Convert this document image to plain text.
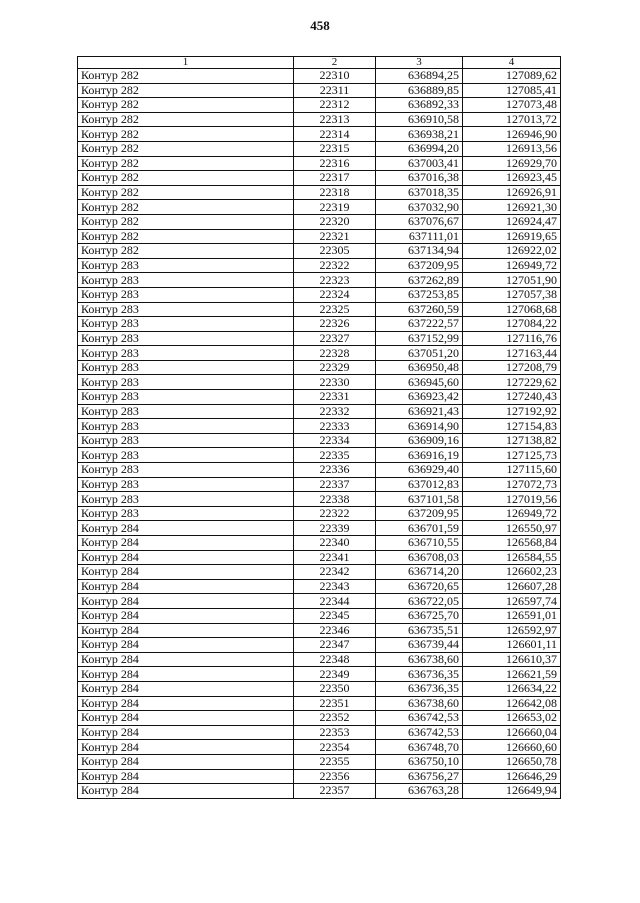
458
1	2	3	4
Контур 282	22310	636894,25	127089,62
Контур 282	22311	636889,85	127085,41
Контур 282	22312	636892,33	127073,48
Контур 282	22313	636910,58	127013,72
Контур 282	22314	636938,21	126946,90
Контур 282	22315	636994,20	126913,56
Контур 282	22316	637003,41	126929,70
Контур 282	22317	637016,38	126923,45
Контур 282	22318	637018,35	126926,91
Контур 282	22319	637032,90	126921,30
Контур 282	22320	637076,67	126924,47
Контур 282	22321	637111,01	126919,65
Контур 282	22305	637134,94	126922,02
Контур 283	22322	637209,95	126949,72
Контур 283	22323	637262,89	127051,90
Контур 283	22324	637253,85	127057,38
Контур 283	22325	637260,59	127068,68
Контур 283	22326	637222,57	127084,22
Контур 283	22327	637152,99	127116,76
Контур 283	22328	637051,20	127163,44
Контур 283	22329	636950,48	127208,79
Контур 283	22330	636945,60	127229,62
Контур 283	22331	636923,42	127240,43
Контур 283	22332	636921,43	127192,92
Контур 283	22333	636914,90	127154,83
Контур 283	22334	636909,16	127138,82
Контур 283	22335	636916,19	127125,73
Контур 283	22336	636929,40	127115,60
Контур 283	22337	637012,83	127072,73
Контур 283	22338	637101,58	127019,56
Контур 283	22322	637209,95	126949,72
Контур 284	22339	636701,59	126550,97
Контур 284	22340	636710,55	126568,84
Контур 284	22341	636708,03	126584,55
Контур 284	22342	636714,20	126602,23
Контур 284	22343	636720,65	126607,28
Контур 284	22344	636722,05	126597,74
Контур 284	22345	636725,70	126591,01
Контур 284	22346	636735,51	126592,97
Контур 284	22347	636739,44	126601,11
Контур 284	22348	636738,60	126610,37
Контур 284	22349	636736,35	126621,59
Контур 284	22350	636736,35	126634,22
Контур 284	22351	636738,60	126642,08
Контур 284	22352	636742,53	126653,02
Контур 284	22353	636742,53	126660,04
Контур 284	22354	636748,70	126660,60
Контур 284	22355	636750,10	126650,78
Контур 284	22356	636756,27	126646,29
Контур 284	22357	636763,28	126649,94
